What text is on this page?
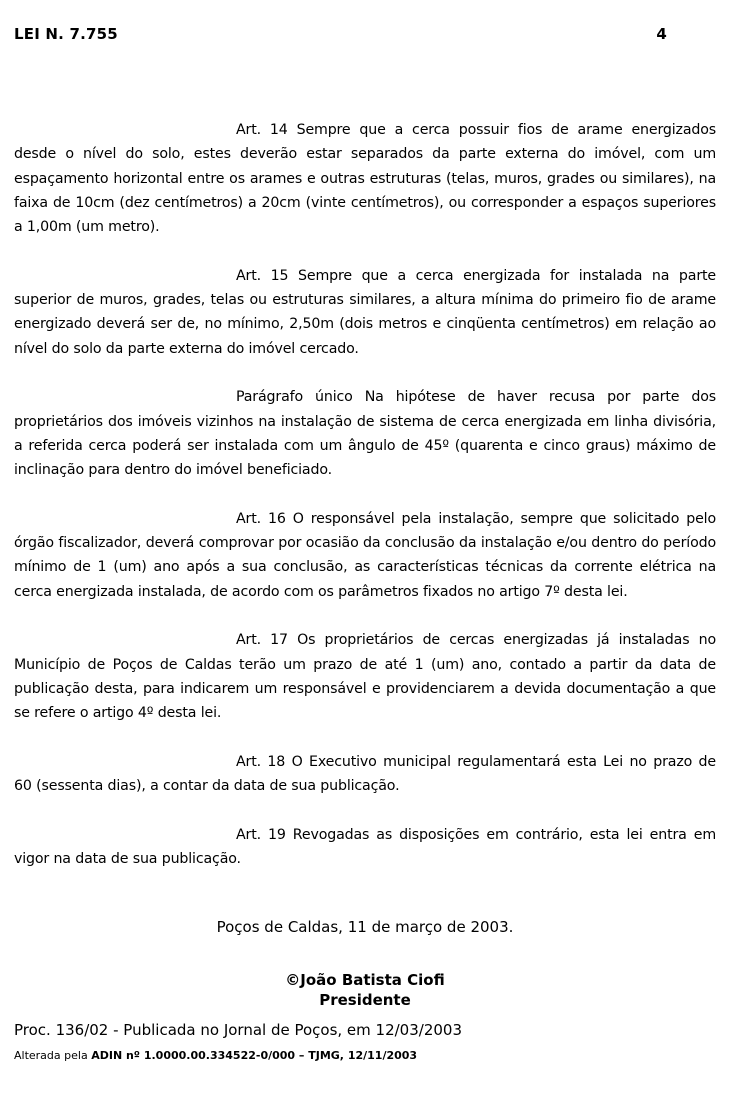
LEI N. 7.755	4

Art. 14 Sempre que a cerca possuir fios de arame energizados desde o nível do solo, estes deverão estar separados da parte externa do imóvel, com um espaçamento horizontal entre os arames e outras estruturas (telas, muros, grades ou similares), na faixa de 10cm (dez centímetros) a 20cm (vinte centímetros), ou corresponder a espaços superiores a 1,00m (um metro).

Art. 15 Sempre que a cerca energizada for instalada na parte superior de muros, grades, telas ou estruturas similares, a altura mínima do primeiro fio de arame energizado deverá ser de, no mínimo, 2,50m (dois metros e cinqüenta centímetros) em relação ao nível do solo da parte externa do imóvel cercado.

Parágrafo único Na hipótese de haver recusa por parte dos proprietários dos imóveis vizinhos na instalação de sistema de cerca energizada em linha divisória, a referida cerca poderá ser instalada com um ângulo de 45º (quarenta e cinco graus) máximo de inclinação para dentro do imóvel beneficiado.

Art. 16 O responsável pela instalação, sempre que solicitado pelo órgão fiscalizador, deverá comprovar por ocasião da conclusão da instalação e/ou dentro do período mínimo de 1 (um) ano após a sua conclusão, as características técnicas da corrente elétrica na cerca energizada instalada, de acordo com os parâmetros fixados no artigo 7º desta lei.

Art. 17 Os proprietários de cercas energizadas já instaladas no Município de Poços de Caldas terão um prazo de até 1 (um) ano, contado a partir da data de publicação desta, para indicarem um responsável e providenciarem a devida documentação a que se refere o artigo 4º desta lei.

Art. 18 O Executivo municipal regulamentará esta Lei no prazo de 60 (sessenta dias), a contar da data de sua publicação.

Art. 19 Revogadas as disposições em contrário, esta lei entra em vigor na data de sua publicação.

Poços de Caldas, 11 de março de 2003.
©João Batista Ciofi
Presidente
Proc. 136/02 - Publicada no Jornal de Poços, em 12/03/2003
Alterada pela ADIN nº 1.0000.00.334522-0/000 – TJMG, 12/11/2003
